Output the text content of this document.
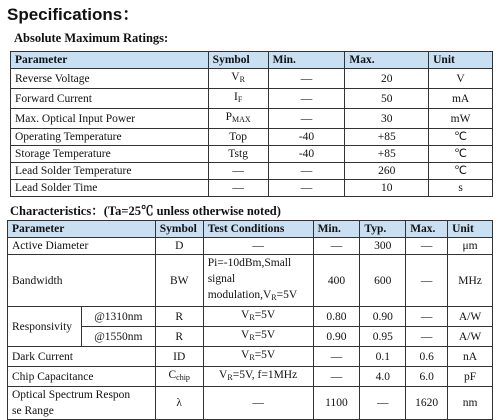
Specifications：
Absolute Maximum Ratings:
Parameter	Symbol	Min.	Max.	Unit
Reverse Voltage	$V_R$	—	20	V
Forward Current	$I_F$	—	50	mA
Max. Optical Input Power	$P_{MAX}$	—	30	mW
Operating Temperature	Top	-40	+85	℃
Storage Temperature	Tstg	-40	+85	℃
Lead Solder Temperature	—	—	260	℃
Lead Solder Time	—	—	10	s
Characteristics：(Ta=25℃ unless otherwise noted)
Parameter		Symbol	Test Conditions	Min.	Typ.	Max.	Unit
Active Diameter		D	—	—	300	—	μm
Bandwidth		BW	Pi=-10dBm,Small
signal
$modulation,V_R=5V$	400	600	—	MHz
Responsivity	@1310nm	R	$V_R=5V$	0.80	0.90	—	A/W
	@1550nm	R	$V_R=5V$	0.90	0.95	—	A/W
Dark Current		ID	$V_R=5V$	—	0.1	0.6	nA
Chip Capacitance		$C_{chip}$	$V_R=5V$, f=1MHz	—	4.0	6.0	pF

Optical Spectrum Respon
se Range		λ	—	1100	—	1620	nm
